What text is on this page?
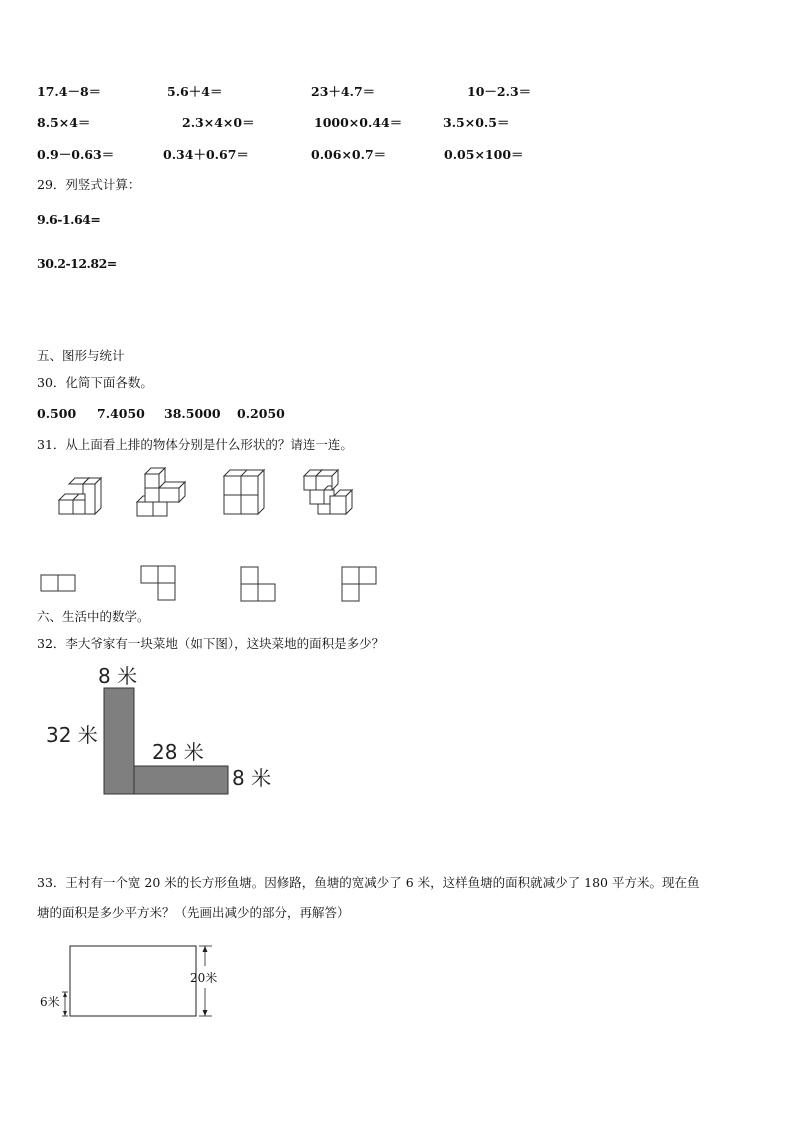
17.4－8＝	5.6＋4＝	23＋4.7＝	10－2.3＝
8.5×4＝	2.3×4×0＝	1000×0.44＝	3.5×0.5＝
0.9－0.63＝	0.34＋0.67＝	0.06×0.7＝	0.05×100＝
29．列竖式计算：
9.6-1.64=
30.2-12.82=
五、图形与统计
30．化简下面各数。
0.500 7.4050 38.5000 0.2050
31．从上面看上排的物体分别是什么形状的？请连一连。
六、生活中的数学。
32．李大爷家有一块菜地（如下图），这块菜地的面积是多少？
8 米
32 米
28 米
8 米
33．王村有一个宽 20 米的长方形鱼塘。因修路，鱼塘的宽减少了 6 米，这样鱼塘的面积就减少了 180 平方米。现在鱼
塘的面积是多少平方米？（先画出减少的部分，再解答）
20米
6米
